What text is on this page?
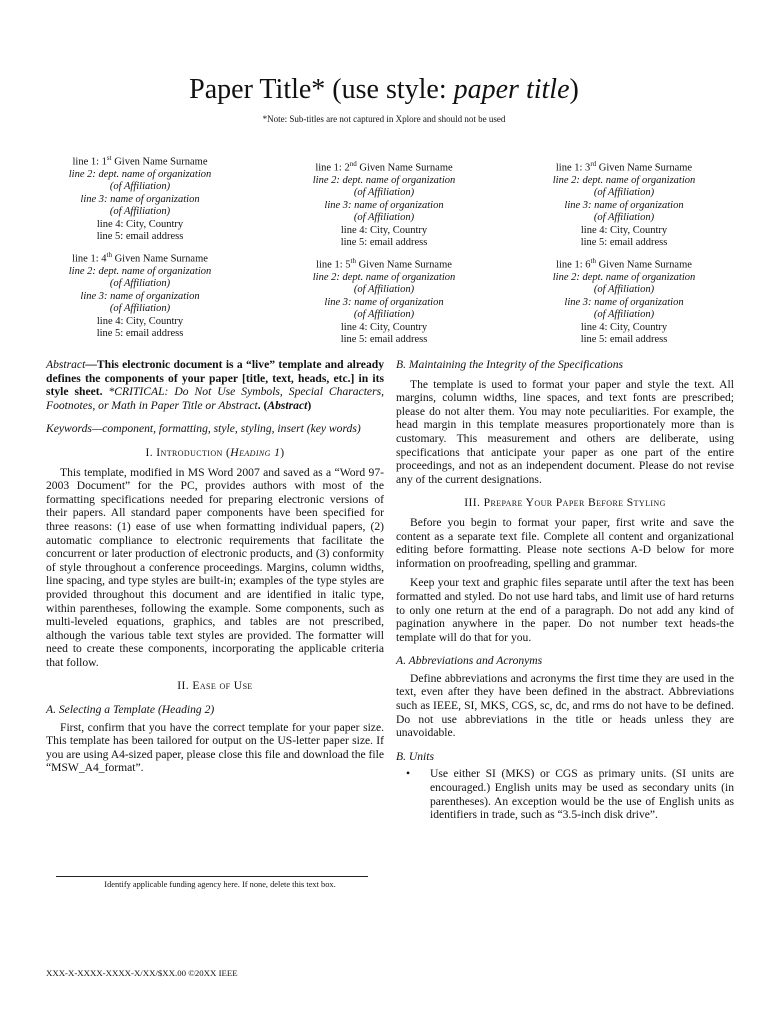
Paper Title* (use style: paper title)
*Note: Sub-titles are not captured in Xplore and should not be used
line 1: 1st Given Name Surname
line 2: dept. name of organization
(of Affiliation)
line 3: name of organization
(of Affiliation)
line 4: City, Country
line 5: email address
line 1: 2nd Given Name Surname
line 2: dept. name of organization
(of Affiliation)
line 3: name of organization
(of Affiliation)
line 4: City, Country
line 5: email address
line 1: 3rd Given Name Surname
line 2: dept. name of organization
(of Affiliation)
line 3: name of organization
(of Affiliation)
line 4: City, Country
line 5: email address
line 1: 4th Given Name Surname
line 2: dept. name of organization
(of Affiliation)
line 3: name of organization
(of Affiliation)
line 4: City, Country
line 5: email address
line 1: 5th Given Name Surname
line 2: dept. name of organization
(of Affiliation)
line 3: name of organization
(of Affiliation)
line 4: City, Country
line 5: email address
line 1: 6th Given Name Surname
line 2: dept. name of organization
(of Affiliation)
line 3: name of organization
(of Affiliation)
line 4: City, Country
line 5: email address

Abstract—This electronic document is a “live” template and already defines the components of your paper [title, text, heads, etc.] in its style sheet. *CRITICAL: Do Not Use Symbols, Special Characters, Footnotes, or Math in Paper Title or Abstract. (Abstract)

Keywords—component, formatting, style, styling, insert (key words)

I. Introduction (Heading 1)

This template, modified in MS Word 2007 and saved as a “Word 97-2003 Document” for the PC, provides authors with most of the formatting specifications needed for preparing electronic versions of their papers. All standard paper components have been specified for three reasons: (1) ease of use when formatting individual papers, (2) automatic compliance to electronic requirements that facilitate the concurrent or later production of electronic products, and (3) conformity of style throughout a conference proceedings. Margins, column widths, line spacing, and type styles are built-in; examples of the type styles are provided throughout this document and are identified in italic type, within parentheses, following the example. Some components, such as multi-leveled equations, graphics, and tables are not prescribed, although the various table text styles are provided. The formatter will need to create these components, incorporating the applicable criteria that follow.

II. Ease of Use

A. Selecting a Template (Heading 2)

First, confirm that you have the correct template for your paper size. This template has been tailored for output on the US-letter paper size. If you are using A4-sized paper, please close this file and download the file “MSW_A4_format”.

B. Maintaining the Integrity of the Specifications

The template is used to format your paper and style the text. All margins, column widths, line spaces, and text fonts are prescribed; please do not alter them. You may note peculiarities. For example, the head margin in this template measures proportionately more than is customary. This measurement and others are deliberate, using specifications that anticipate your paper as one part of the entire proceedings, and not as an independent document. Please do not revise any of the current designations.

III. Prepare Your Paper Before Styling

Before you begin to format your paper, first write and save the content as a separate text file. Complete all content and organizational editing before formatting. Please note sections A-D below for more information on proofreading, spelling and grammar.

Keep your text and graphic files separate until after the text has been formatted and styled. Do not use hard tabs, and limit use of hard returns to only one return at the end of a paragraph. Do not add any kind of pagination anywhere in the paper. Do not number text heads-the template will do that for you.

A. Abbreviations and Acronyms

Define abbreviations and acronyms the first time they are used in the text, even after they have been defined in the abstract. Abbreviations such as IEEE, SI, MKS, CGS, sc, dc, and rms do not have to be defined. Do not use abbreviations in the title or heads unless they are unavoidable.

B. Units

•	Use either SI (MKS) or CGS as primary units. (SI units are encouraged.) English units may be used as secondary units (in parentheses). An exception would be the use of English units as identifiers in trade, such as “3.5-inch disk drive”.
Identify applicable funding agency here. If none, delete this text box.
XXX-X-XXXX-XXXX-X/XX/$XX.00 ©20XX IEEE
